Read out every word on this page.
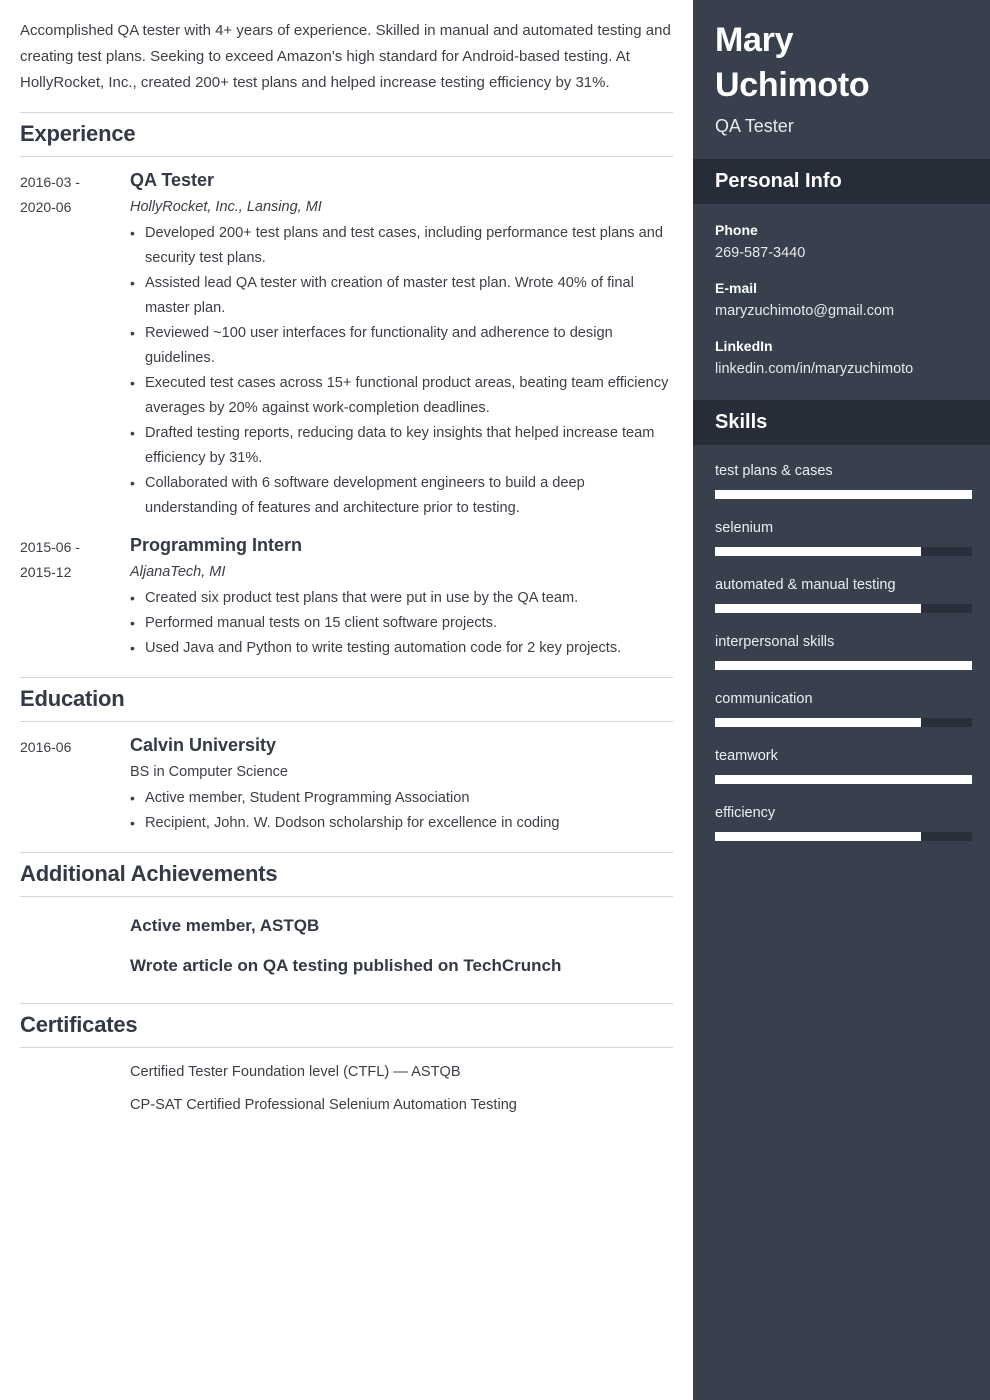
Accomplished QA tester with 4+ years of experience. Skilled in manual and automated testing and creating test plans. Seeking to exceed Amazon's high standard for Android-based testing. At HollyRocket, Inc., created 200+ test plans and helped increase testing efficiency by 31%.

Experience
2016-03 -
2020-06
QA Tester
HollyRocket, Inc., Lansing, MI
• Developed 200+ test plans and test cases, including performance test plans and security test plans.
• Assisted lead QA tester with creation of master test plan. Wrote 40% of final master plan.
• Reviewed ~100 user interfaces for functionality and adherence to design guidelines.
• Executed test cases across 15+ functional product areas, beating team efficiency averages by 20% against work-completion deadlines.
• Drafted testing reports, reducing data to key insights that helped increase team efficiency by 31%.
• Collaborated with 6 software development engineers to build a deep understanding of features and architecture prior to testing.
2015-06 -
2015-12
Programming Intern
AljanaTech, MI
• Created six product test plans that were put in use by the QA team.
• Performed manual tests on 15 client software projects.
• Used Java and Python to write testing automation code for 2 key projects.
Education
2016-06	Calvin University
BS in Computer Science
• Active member, Student Programming Association
• Recipient, John. W. Dodson scholarship for excellence in coding
Additional Achievements
Active member, ASTQB
Wrote article on QA testing published on TechCrunch
Certificates
Certified Tester Foundation level (CTFL) — ASTQB
CP-SAT Certified Professional Selenium Automation Testing
Mary
Uchimoto
QA Tester
Personal Info
Phone
269-587-3440
E-mail
maryzuchimoto@gmail.com
LinkedIn
linkedin.com/in/maryzuchimoto
Skills
test plans & cases
selenium
automated & manual testing
interpersonal skills
communication
teamwork
efficiency
